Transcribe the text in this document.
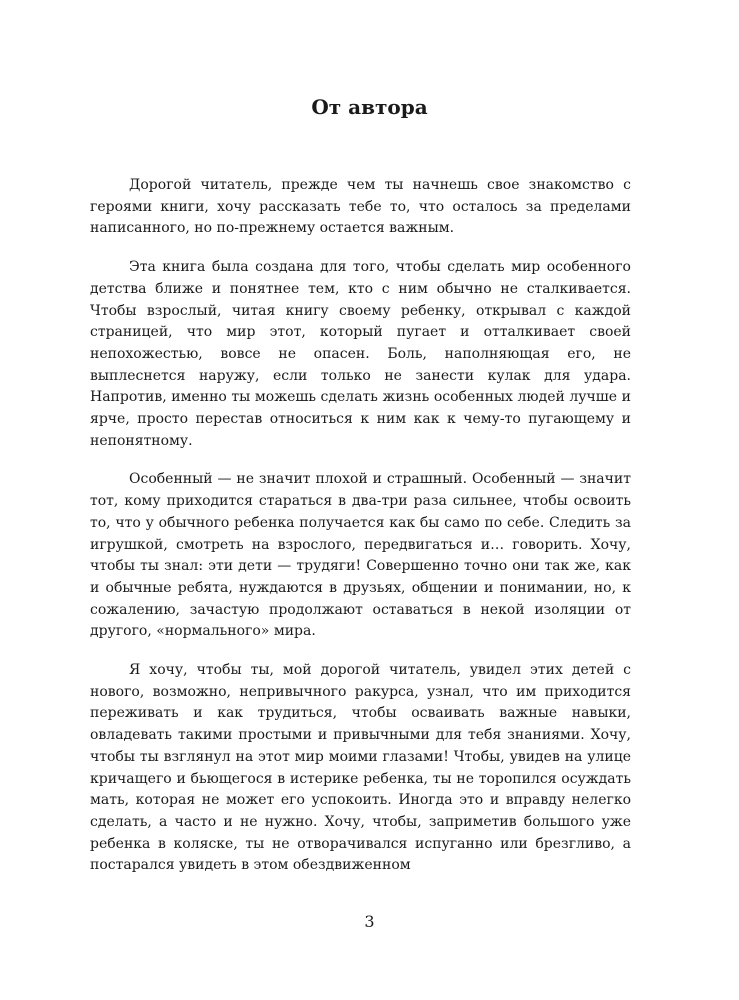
От автора

Дорогой читатель, прежде чем ты начнешь свое знакомство с героями книги, хочу рассказать тебе то, что осталось за пределами написанного, но по-прежнему остается важным.

Эта книга была создана для того, чтобы сделать мир особенного детства ближе и понятнее тем, кто с ним обычно не сталкивается. Чтобы взрослый, читая книгу своему ребенку, открывал с каждой страницей, что мир этот, который пугает и отталкивает своей непохожестью, вовсе не опасен. Боль, наполняющая его, не выплеснется наружу, если только не занести кулак для удара. Напротив, именно ты можешь сделать жизнь особенных людей лучше и ярче, просто перестав относиться к ним как к чему-то пугающему и непонятному.

Особенный — не значит плохой и страшный. Особенный — значит тот, кому приходится стараться в два-три раза сильнее, чтобы освоить то, что у обычного ребенка получается как бы само по себе. Следить за игрушкой, смотреть на взрослого, передвигаться и… говорить. Хочу, чтобы ты знал: эти дети — трудяги! Совершенно точно они так же, как и обычные ребята, нуждаются в друзьях, общении и понимании, но, к сожалению, зачастую продолжают оставаться в некой изоляции от другого, «нормального» мира.

Я хочу, чтобы ты, мой дорогой читатель, увидел этих детей с нового, возможно, непривычного ракурса, узнал, что им приходится переживать и как трудиться, чтобы осваивать важные навыки, овладевать такими простыми и привычными для тебя знаниями. Хочу, чтобы ты взглянул на этот мир моими глазами! Чтобы, увидев на улице кричащего и бьющегося в истерике ребенка, ты не торопился осуждать мать, которая не может его успокоить. Иногда это и вправду нелегко сделать, а часто и не нужно. Хочу, чтобы, заприметив большого уже ребенка в коляске, ты не отворачивался испуганно или брезгливо, а постарался увидеть в этом обездвиженном

3
